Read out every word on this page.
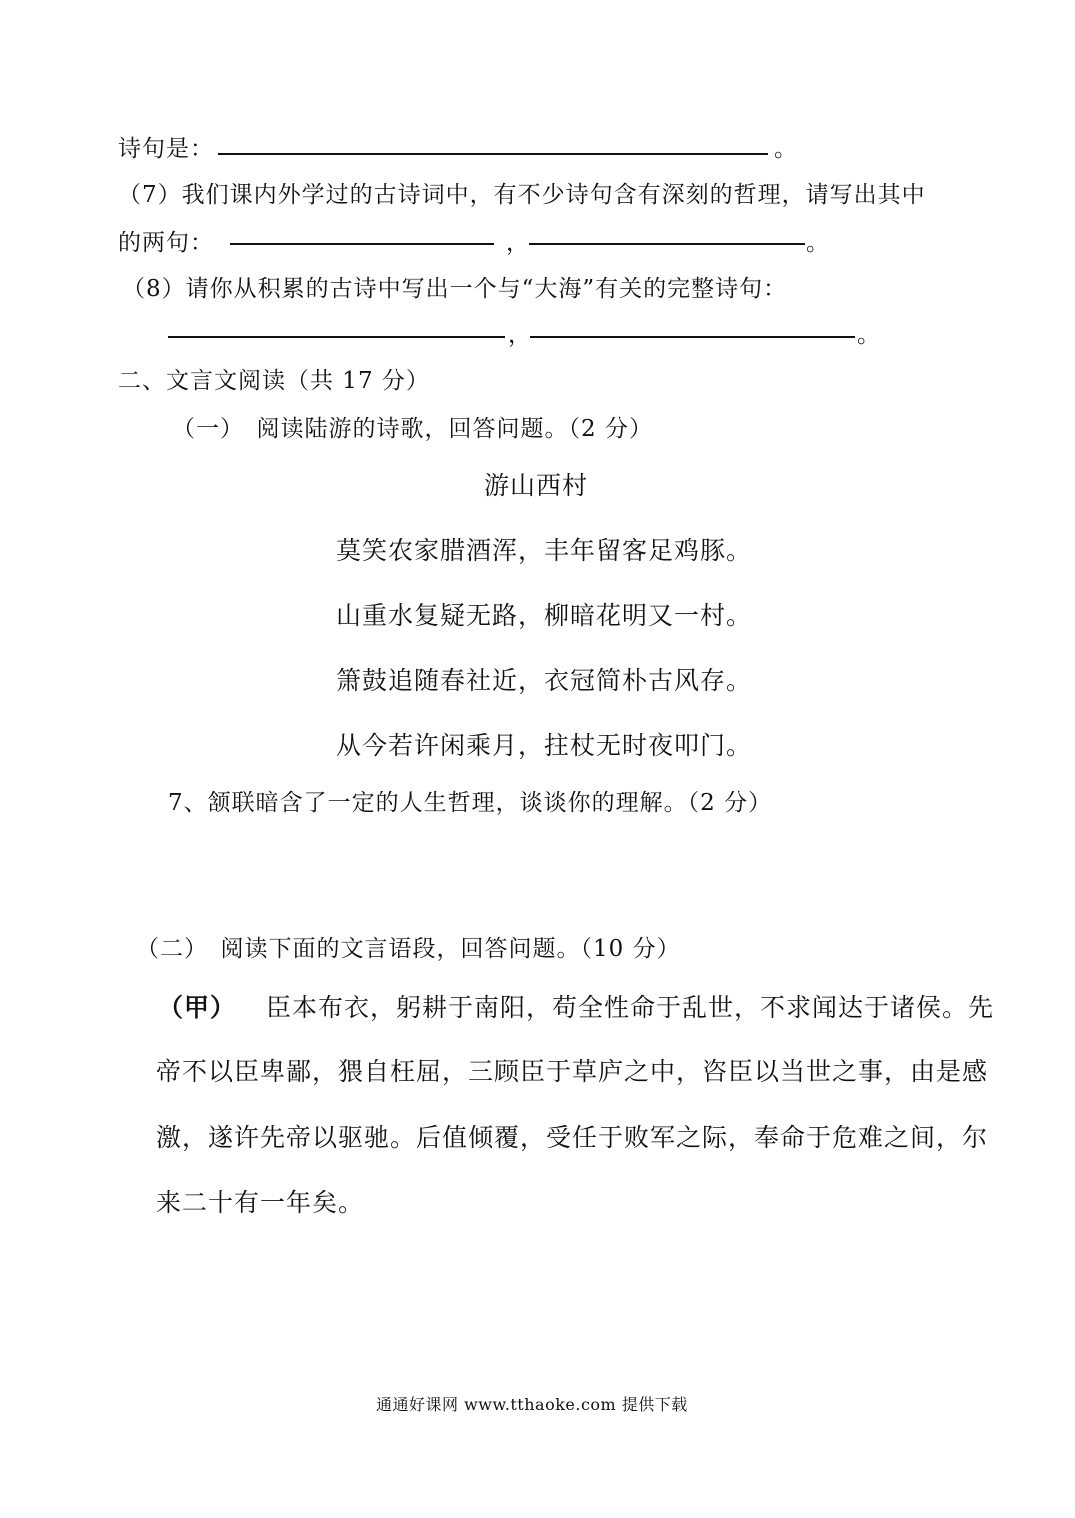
诗句是：	。
（7）我们课内外学过的古诗词中，有不少诗句含有深刻的哲理，请写出其中
的两句：	，	。
（8）请你从积累的古诗中写出一个与“大海”有关的完整诗句：
，	。
二、文言文阅读（共 17 分）
（一）　阅读陆游的诗歌，回答问题。（2 分）
游山西村
莫笑农家腊酒浑，丰年留客足鸡豚。
山重水复疑无路，柳暗花明又一村。
箫鼓追随春社近，衣冠简朴古风存。
从今若许闲乘月，拄杖无时夜叩门。
7、颔联暗含了一定的人生哲理，谈谈你的理解。（2 分）
（二）　阅读下面的文言语段，回答问题。（10 分）
（甲） 臣本布衣，躬耕于南阳，苟全性命于乱世，不求闻达于诸侯。先
帝不以臣卑鄙，猥自枉屈，三顾臣于草庐之中，咨臣以当世之事，由是感
激，遂许先帝以驱驰。后值倾覆，受任于败军之际，奉命于危难之间，尔
来二十有一年矣。
通通好课网 www.tthaoke.com 提供下载
